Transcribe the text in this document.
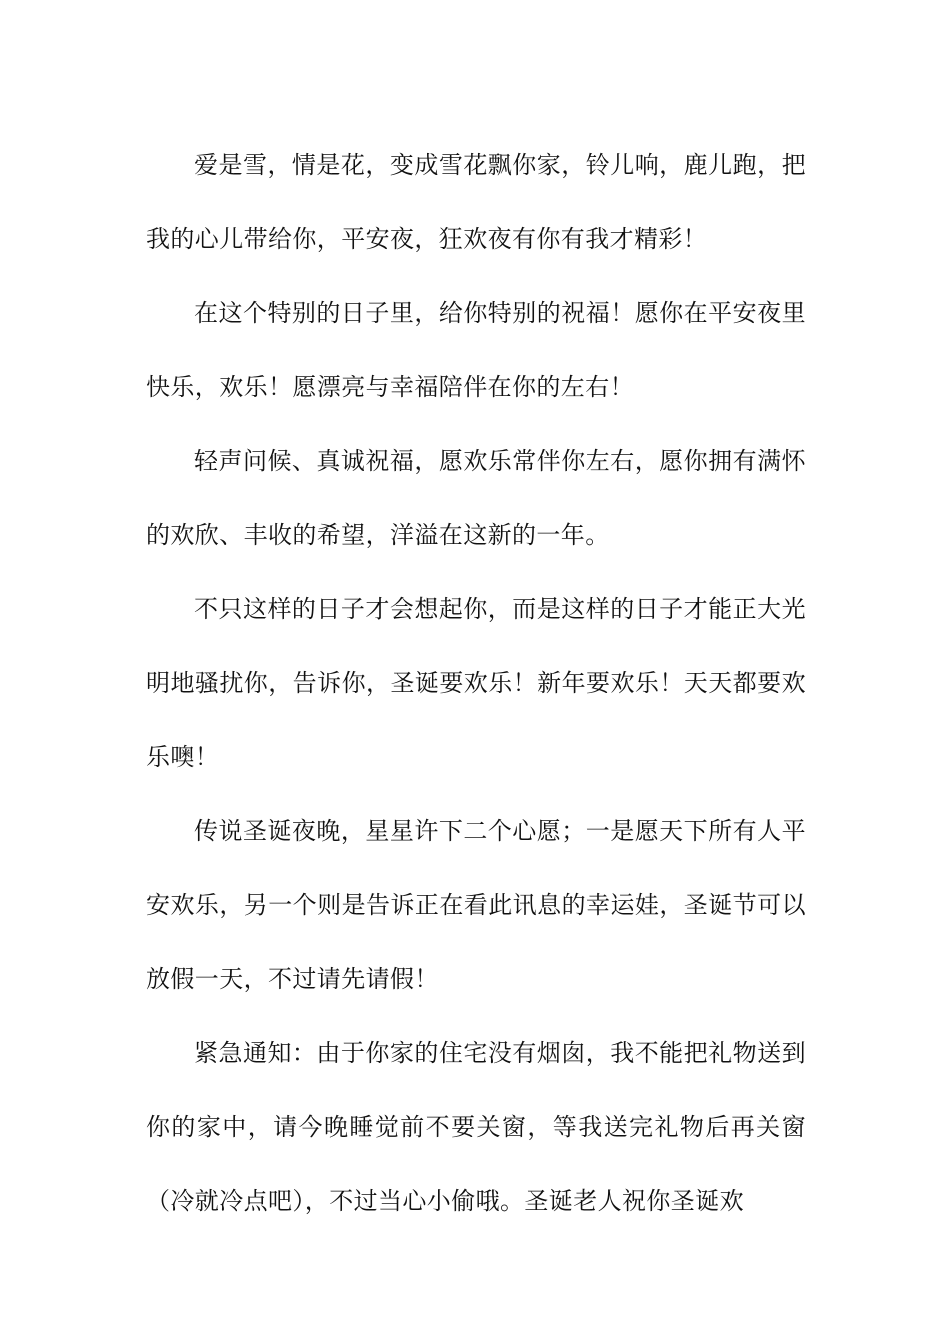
爱是雪，情是花，变成雪花飘你家，铃儿响，鹿儿跑，把我的心儿带给你，平安夜，狂欢夜有你有我才精彩！

在这个特别的日子里，给你特别的祝福！愿你在平安夜里快乐，欢乐！愿漂亮与幸福陪伴在你的左右！

轻声问候、真诚祝福，愿欢乐常伴你左右，愿你拥有满怀的欢欣、丰收的希望，洋溢在这新的一年。

不只这样的日子才会想起你，而是这样的日子才能正大光明地骚扰你，告诉你，圣诞要欢乐！新年要欢乐！天天都要欢乐噢！

传说圣诞夜晚，星星许下二个心愿；一是愿天下所有人平安欢乐，另一个则是告诉正在看此讯息的幸运娃，圣诞节可以放假一天，不过请先请假！

紧急通知：由于你家的住宅没有烟囱，我不能把礼物送到你的家中，请今晚睡觉前不要关窗，等我送完礼物后再关窗（冷就冷点吧），不过当心小偷哦。圣诞老人祝你圣诞欢
